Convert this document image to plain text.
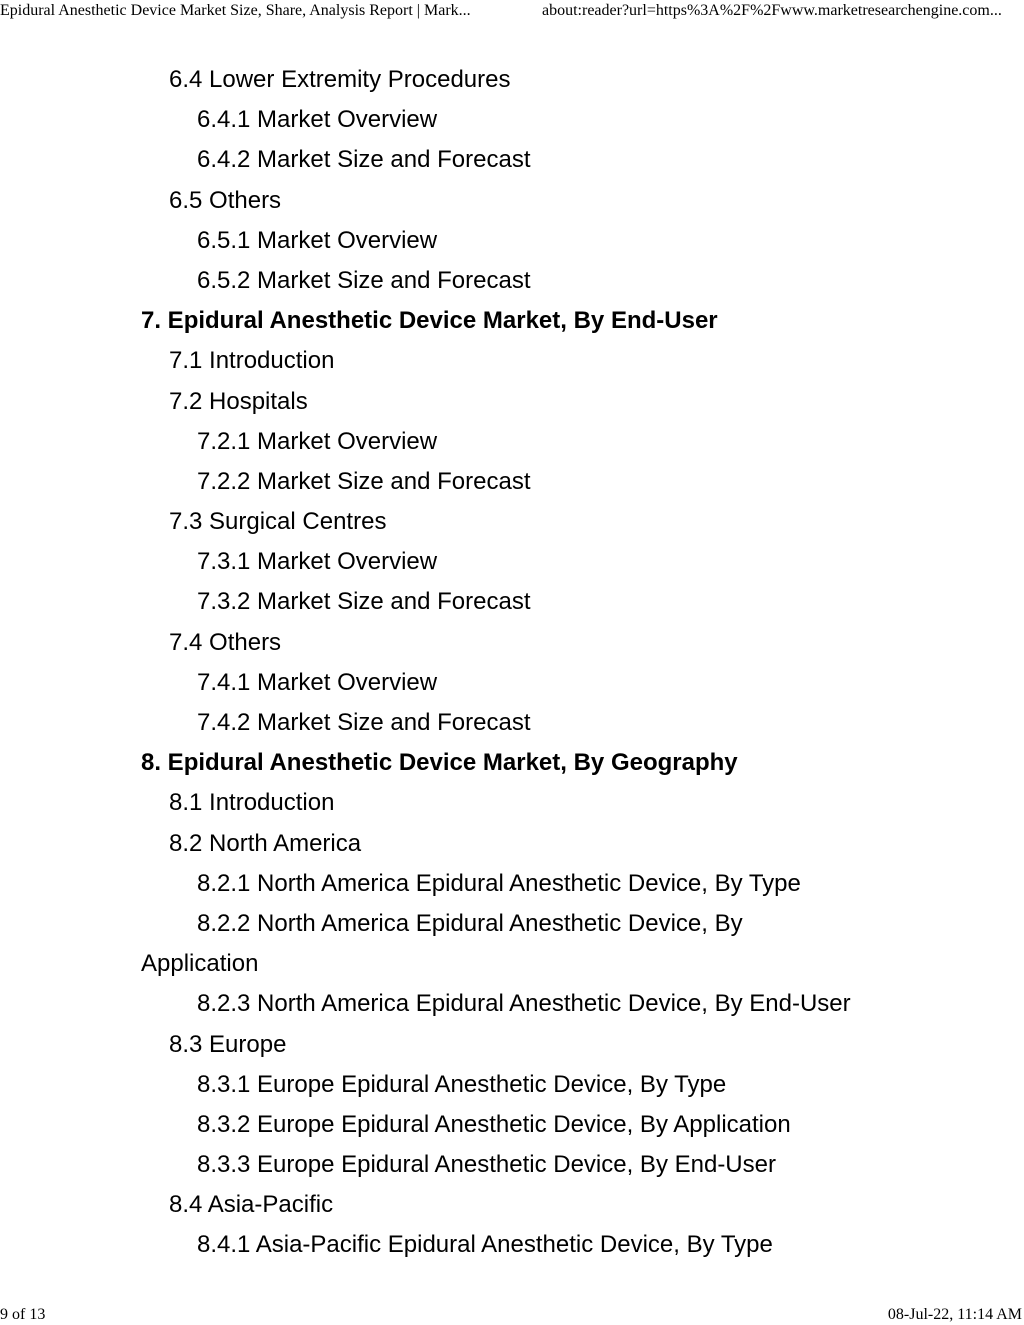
Epidural Anesthetic Device Market Size, Share, Analysis Report | Mark...	about:reader?url=https%3A%2F%2Fwww.marketresearchengine.com...
6.4 Lower Extremity Procedures
6.4.1 Market Overview
6.4.2 Market Size and Forecast
6.5 Others
6.5.1 Market Overview
6.5.2 Market Size and Forecast
7. Epidural Anesthetic Device Market, By End-User
7.1 Introduction
7.2 Hospitals
7.2.1 Market Overview
7.2.2 Market Size and Forecast
7.3 Surgical Centres
7.3.1 Market Overview
7.3.2 Market Size and Forecast
7.4 Others
7.4.1 Market Overview
7.4.2 Market Size and Forecast
8. Epidural Anesthetic Device Market, By Geography
8.1 Introduction
8.2 North America
8.2.1 North America Epidural Anesthetic Device, By Type
8.2.2 North America Epidural Anesthetic Device, By
Application
8.2.3 North America Epidural Anesthetic Device, By End-User
8.3 Europe
8.3.1 Europe Epidural Anesthetic Device, By Type
8.3.2 Europe Epidural Anesthetic Device, By Application
8.3.3 Europe Epidural Anesthetic Device, By End-User
8.4 Asia-Pacific
8.4.1 Asia-Pacific Epidural Anesthetic Device, By Type
9 of 13	08-Jul-22, 11:14 AM
